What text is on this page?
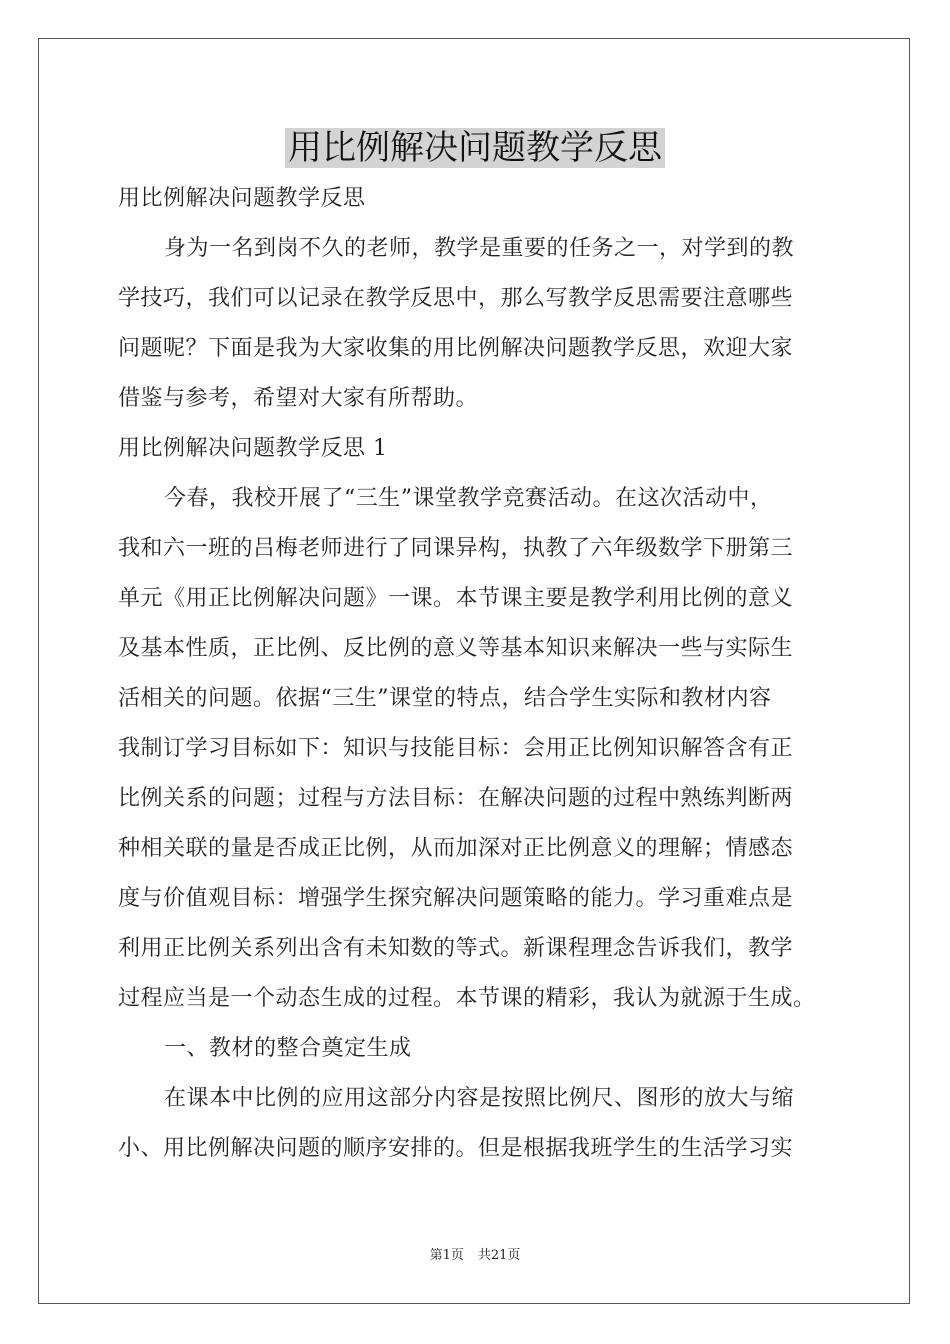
用比例解决问题教学反思
用比例解决问题教学反思
身为一名到岗不久的老师，教学是重要的任务之一，对学到的教
学技巧，我们可以记录在教学反思中，那么写教学反思需要注意哪些
问题呢？下面是我为大家收集的用比例解决问题教学反思，欢迎大家
借鉴与参考，希望对大家有所帮助。
用比例解决问题教学反思 1
今春，我校开展了“三生”课堂教学竞赛活动。在这次活动中，
我和六一班的吕梅老师进行了同课异构，执教了六年级数学下册第三
单元《用正比例解决问题》一课。本节课主要是教学利用比例的意义
及基本性质，正比例、反比例的意义等基本知识来解决一些与实际生
活相关的问题。依据“三生”课堂的特点，结合学生实际和教材内容
我制订学习目标如下：知识与技能目标：会用正比例知识解答含有正
比例关系的问题；过程与方法目标：在解决问题的过程中熟练判断两
种相关联的量是否成正比例，从而加深对正比例意义的理解；情感态
度与价值观目标：增强学生探究解决问题策略的能力。学习重难点是
利用正比例关系列出含有未知数的等式。新课程理念告诉我们，教学
过程应当是一个动态生成的过程。本节课的精彩，我认为就源于生成。
一、教材的整合奠定生成
在课本中比例的应用这部分内容是按照比例尺、图形的放大与缩
小、用比例解决问题的顺序安排的。但是根据我班学生的生活学习实
第1页 共21页
